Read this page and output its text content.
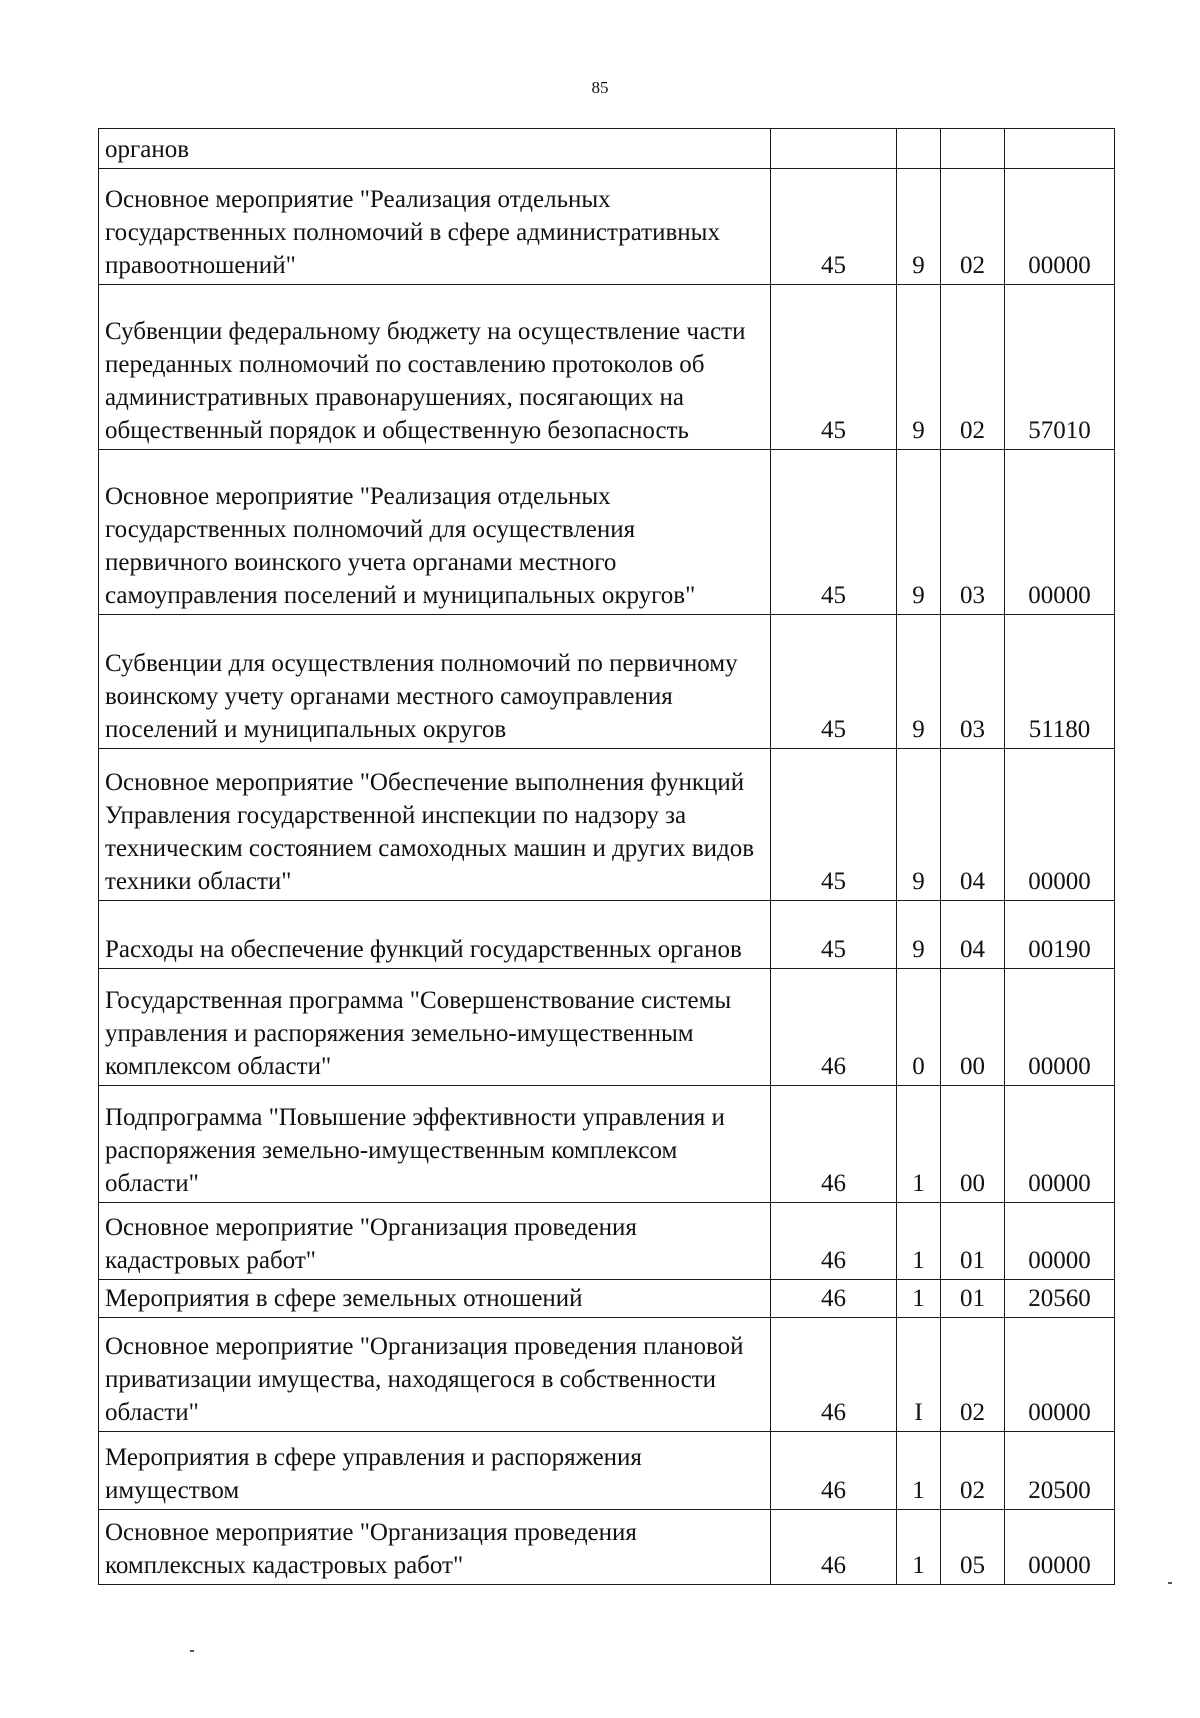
85
органов				
Основное мероприятие "Реализация отдельных государственных полномочий в сфере административных правоотношений"	45	9	02	00000
Субвенции федеральному бюджету на осуществление части переданных полномочий по составлению протоколов об административных правонарушениях, посягающих на общественный порядок и общественную безопасность	45	9	02	57010
Основное мероприятие "Реализация отдельных государственных полномочий для осуществления первичного воинского учета органами местного самоуправления поселений и муниципальных округов"	45	9	03	00000
Субвенции для осуществления полномочий по первичному воинскому учету органами местного самоуправления поселений и муниципальных округов	45	9	03	51180
Основное мероприятие "Обеспечение выполнения функций Управления государственной инспекции по надзору за техническим состоянием самоходных машин и других видов техники области"	45	9	04	00000
Расходы на обеспечение функций государственных органов	45	9	04	00190
Государственная программа "Совершенствование системы управления и распоряжения земельно-имущественным комплексом области"	46	0	00	00000
Подпрограмма "Повышение эффективности управления и распоряжения земельно-имущественным комплексом области"	46	1	00	00000
Основное мероприятие "Организация проведения кадастровых работ"	46	1	01	00000
Мероприятия в сфере земельных отношений	46	1	01	20560
Основное мероприятие "Организация проведения плановой приватизации имущества, находящегося в собственности области"	46	I	02	00000
Мероприятия в сфере управления и распоряжения имуществом	46	1	02	20500
Основное мероприятие "Организация проведения комплексных кадастровых работ"	46	1	05	00000
